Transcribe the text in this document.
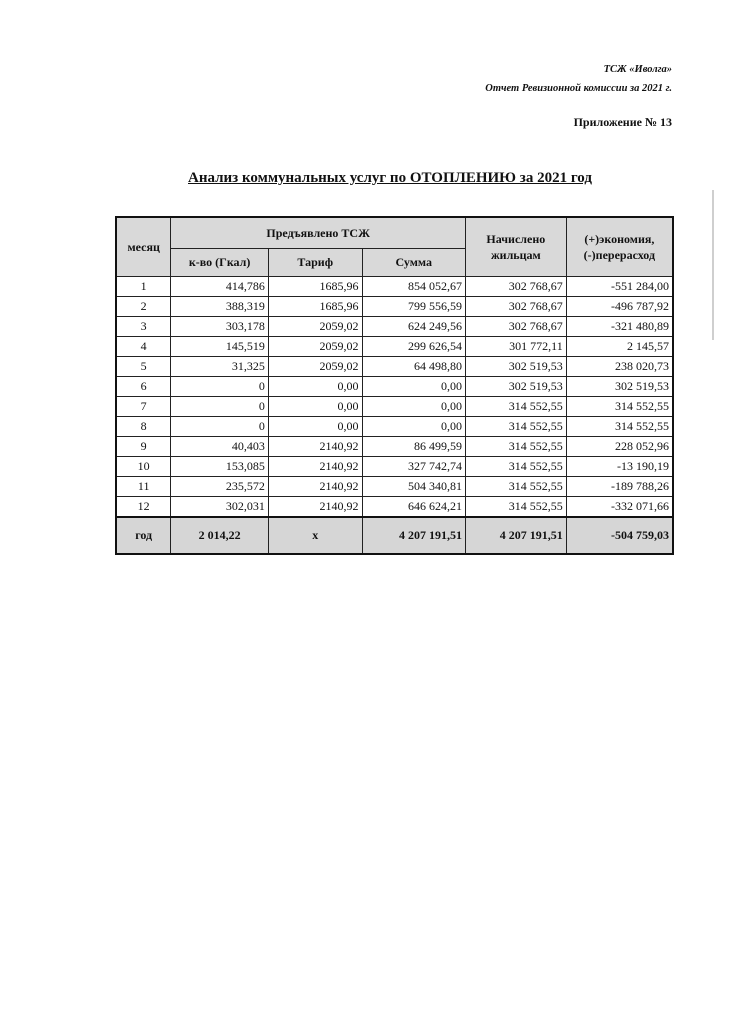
ТСЖ «Иволга»
Отчет Ревизионной комиссии за 2021 г.
Приложение № 13
Анализ коммунальных услуг по ОТОПЛЕНИЮ за 2021 год
месяц	Предъявлено ТСЖ			Начислено жильцам	(+)экономия, (-)перерасход
	к-во (Гкал)	Тариф	Сумма		
1	414,786	1685,96	854 052,67	302 768,67	-551 284,00
2	388,319	1685,96	799 556,59	302 768,67	-496 787,92
3	303,178	2059,02	624 249,56	302 768,67	-321 480,89
4	145,519	2059,02	299 626,54	301 772,11	2 145,57
5	31,325	2059,02	64 498,80	302 519,53	238 020,73
6	0	0,00	0,00	302 519,53	302 519,53
7	0	0,00	0,00	314 552,55	314 552,55
8	0	0,00	0,00	314 552,55	314 552,55
9	40,403	2140,92	86 499,59	314 552,55	228 052,96
10	153,085	2140,92	327 742,74	314 552,55	-13 190,19
11	235,572	2140,92	504 340,81	314 552,55	-189 788,26
12	302,031	2140,92	646 624,21	314 552,55	-332 071,66
год	2 014,22	х	4 207 191,51	4 207 191,51	-504 759,03
